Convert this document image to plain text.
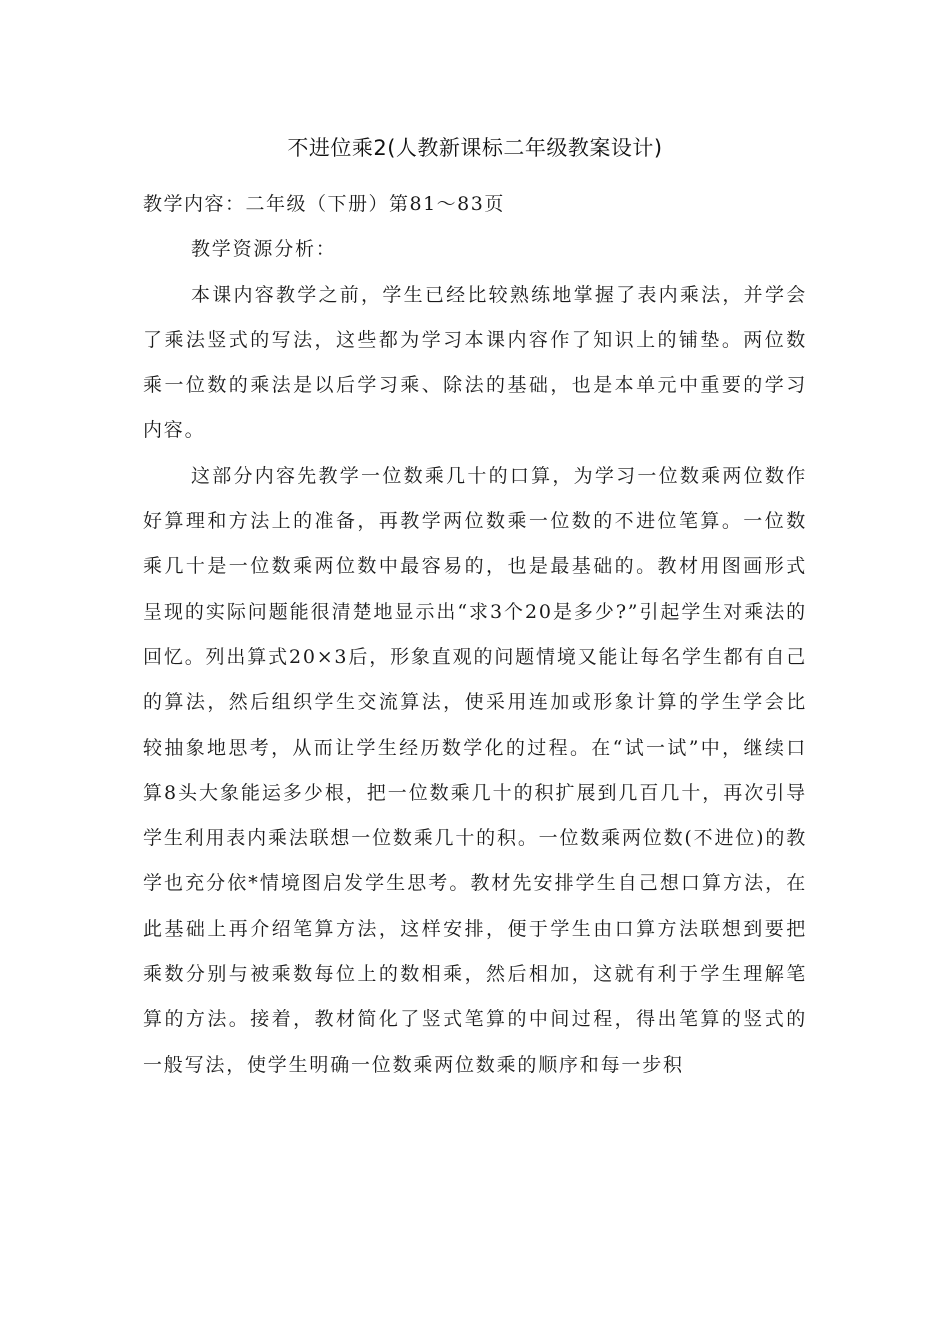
不进位乘2(人教新课标二年级教案设计)

教学内容：二年级（下册）第81～83页

教学资源分析：

本课内容教学之前，学生已经比较熟练地掌握了表内乘法，并学会了乘法竖式的写法，这些都为学习本课内容作了知识上的铺垫。两位数乘一位数的乘法是以后学习乘、除法的基础，也是本单元中重要的学习内容。

这部分内容先教学一位数乘几十的口算，为学习一位数乘两位数作好算理和方法上的准备，再教学两位数乘一位数的不进位笔算。一位数乘几十是一位数乘两位数中最容易的，也是最基础的。教材用图画形式呈现的实际问题能很清楚地显示出“求3个20是多少?”引起学生对乘法的回忆。列出算式20×3后，形象直观的问题情境又能让每名学生都有自己的算法，然后组织学生交流算法，使采用连加或形象计算的学生学会比较抽象地思考，从而让学生经历数学化的过程。在“试一试”中，继续口算8头大象能运多少根，把一位数乘几十的积扩展到几百几十，再次引导学生利用表内乘法联想一位数乘几十的积。一位数乘两位数(不进位)的教学也充分依*情境图启发学生思考。教材先安排学生自己想口算方法，在此基础上再介绍笔算方法，这样安排，便于学生由口算方法联想到要把乘数分别与被乘数每位上的数相乘，然后相加，这就有利于学生理解笔算的方法。接着，教材简化了竖式笔算的中间过程，得出笔算的竖式的一般写法，使学生明确一位数乘两位数乘的顺序和每一步积
